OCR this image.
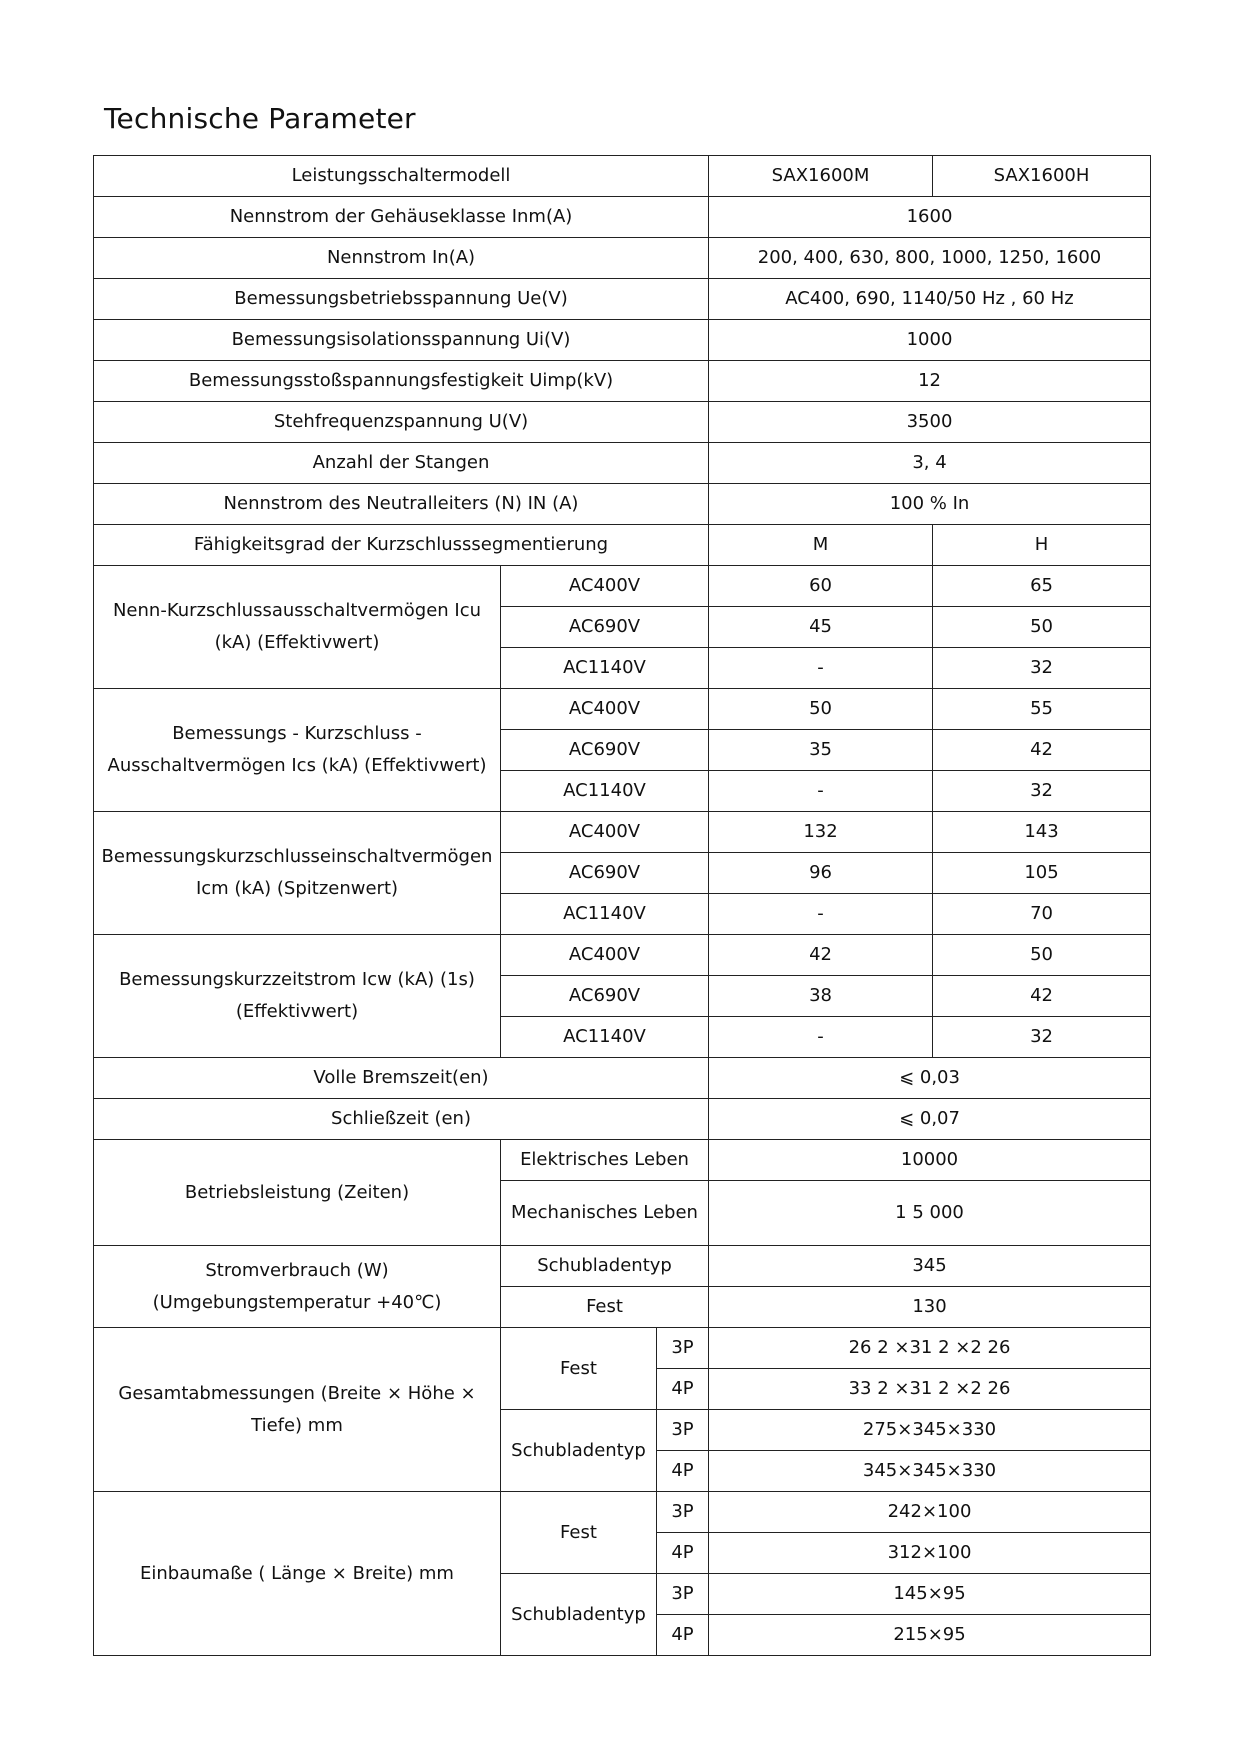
Technische Parameter
Leistungsschaltermodell			SAX1600M	SAX1600H
Nennstrom der Gehäuseklasse Inm(A)			1600	
Nennstrom In(A)			200, 400, 630, 800, 1000, 1250, 1600	
Bemessungsbetriebsspannung Ue(V)			AC400, 690, 1140/50 Hz , 60 Hz	
Bemessungsisolationsspannung Ui(V)			1000	
Bemessungsstoßspannungsfestigkeit Uimp(kV)			12	
Stehfrequenzspannung U(V)			3500	
Anzahl der Stangen			3, 4	
Nennstrom des Neutralleiters (N) IN (A)			100 % In	
Fähigkeitsgrad der Kurzschlusssegmentierung			M	H
Nenn-Kurzschlussausschaltvermögen Icu (kA) (Effektivwert)	AC400V		60	65
	AC690V		45	50
	AC1140V		-	32
Bemessungs - Kurzschluss -Ausschaltvermögen Ics (kA) (Effektivwert)	AC400V		50	55
	AC690V		35	42
	AC1140V		-	32
Bemessungskurzschlusseinschaltvermögen Icm (kA) (Spitzenwert)	AC400V		132	143
	AC690V		96	105
	AC1140V		-	70
Bemessungskurzzeitstrom Icw (kA) (1s) (Effektivwert)	AC400V		42	50
	AC690V		38	42
	AC1140V		-	32
Volle Bremszeit(en)			⩽ 0,03	
Schließzeit (en)			⩽ 0,07	
Betriebsleistung (Zeiten)	Elektrisches Leben		10000	
	Mechanisches Leben		1 5 000	
Stromverbrauch (W) (Umgebungstemperatur +40℃)	Schubladentyp		345	
	Fest		130	
Gesamtabmessungen (Breite × Höhe × Tiefe) mm	Fest	3P	26 2 ×31 2 ×2 26	
		4P	33 2 ×31 2 ×2 26	
	Schubladentyp	3P	275×345×330	
		4P	345×345×330	
Einbaumaße ( Länge × Breite) mm	Fest	3P	242×100	
		4P	312×100	
	Schubladentyp	3P	145×95	
		4P	215×95	
